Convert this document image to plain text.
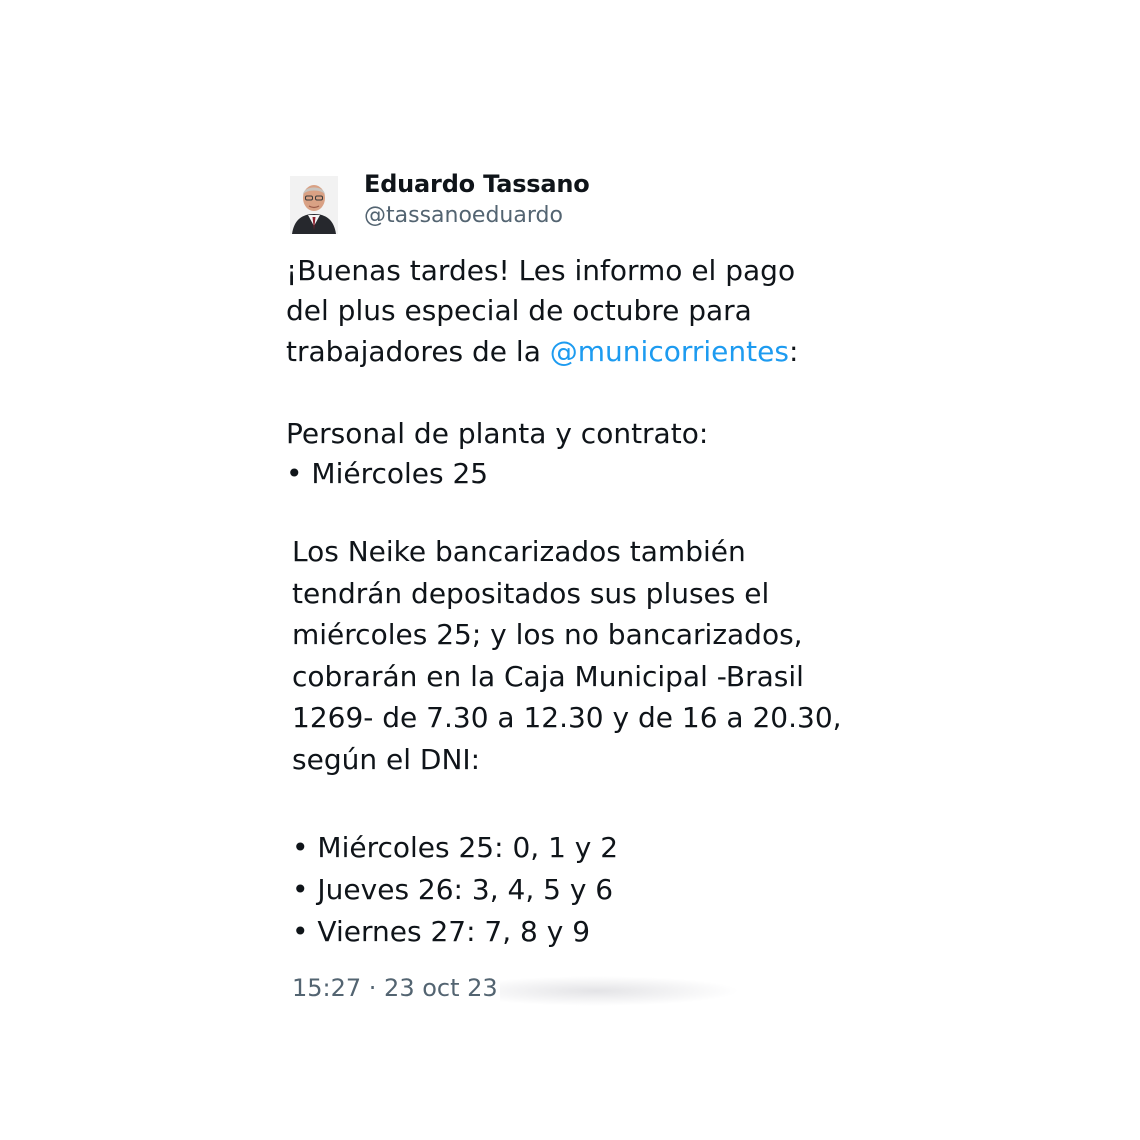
Eduardo Tassano
@tassanoeduardo
¡Buenas tardes! Les informo el pago
del plus especial de octubre para
trabajadores de la @municorrientes:
Personal de planta y contrato:
• Miércoles 25
Los Neike bancarizados también
tendrán depositados sus pluses el
miércoles 25; y los no bancarizados,
cobrarán en la Caja Municipal -Brasil
1269- de 7.30 a 12.30 y de 16 a 20.30,
según el DNI:
• Miércoles 25: 0, 1 y 2
• Jueves 26: 3, 4, 5 y 6
• Viernes 27: 7, 8 y 9
15:27 · 23 oct 23
